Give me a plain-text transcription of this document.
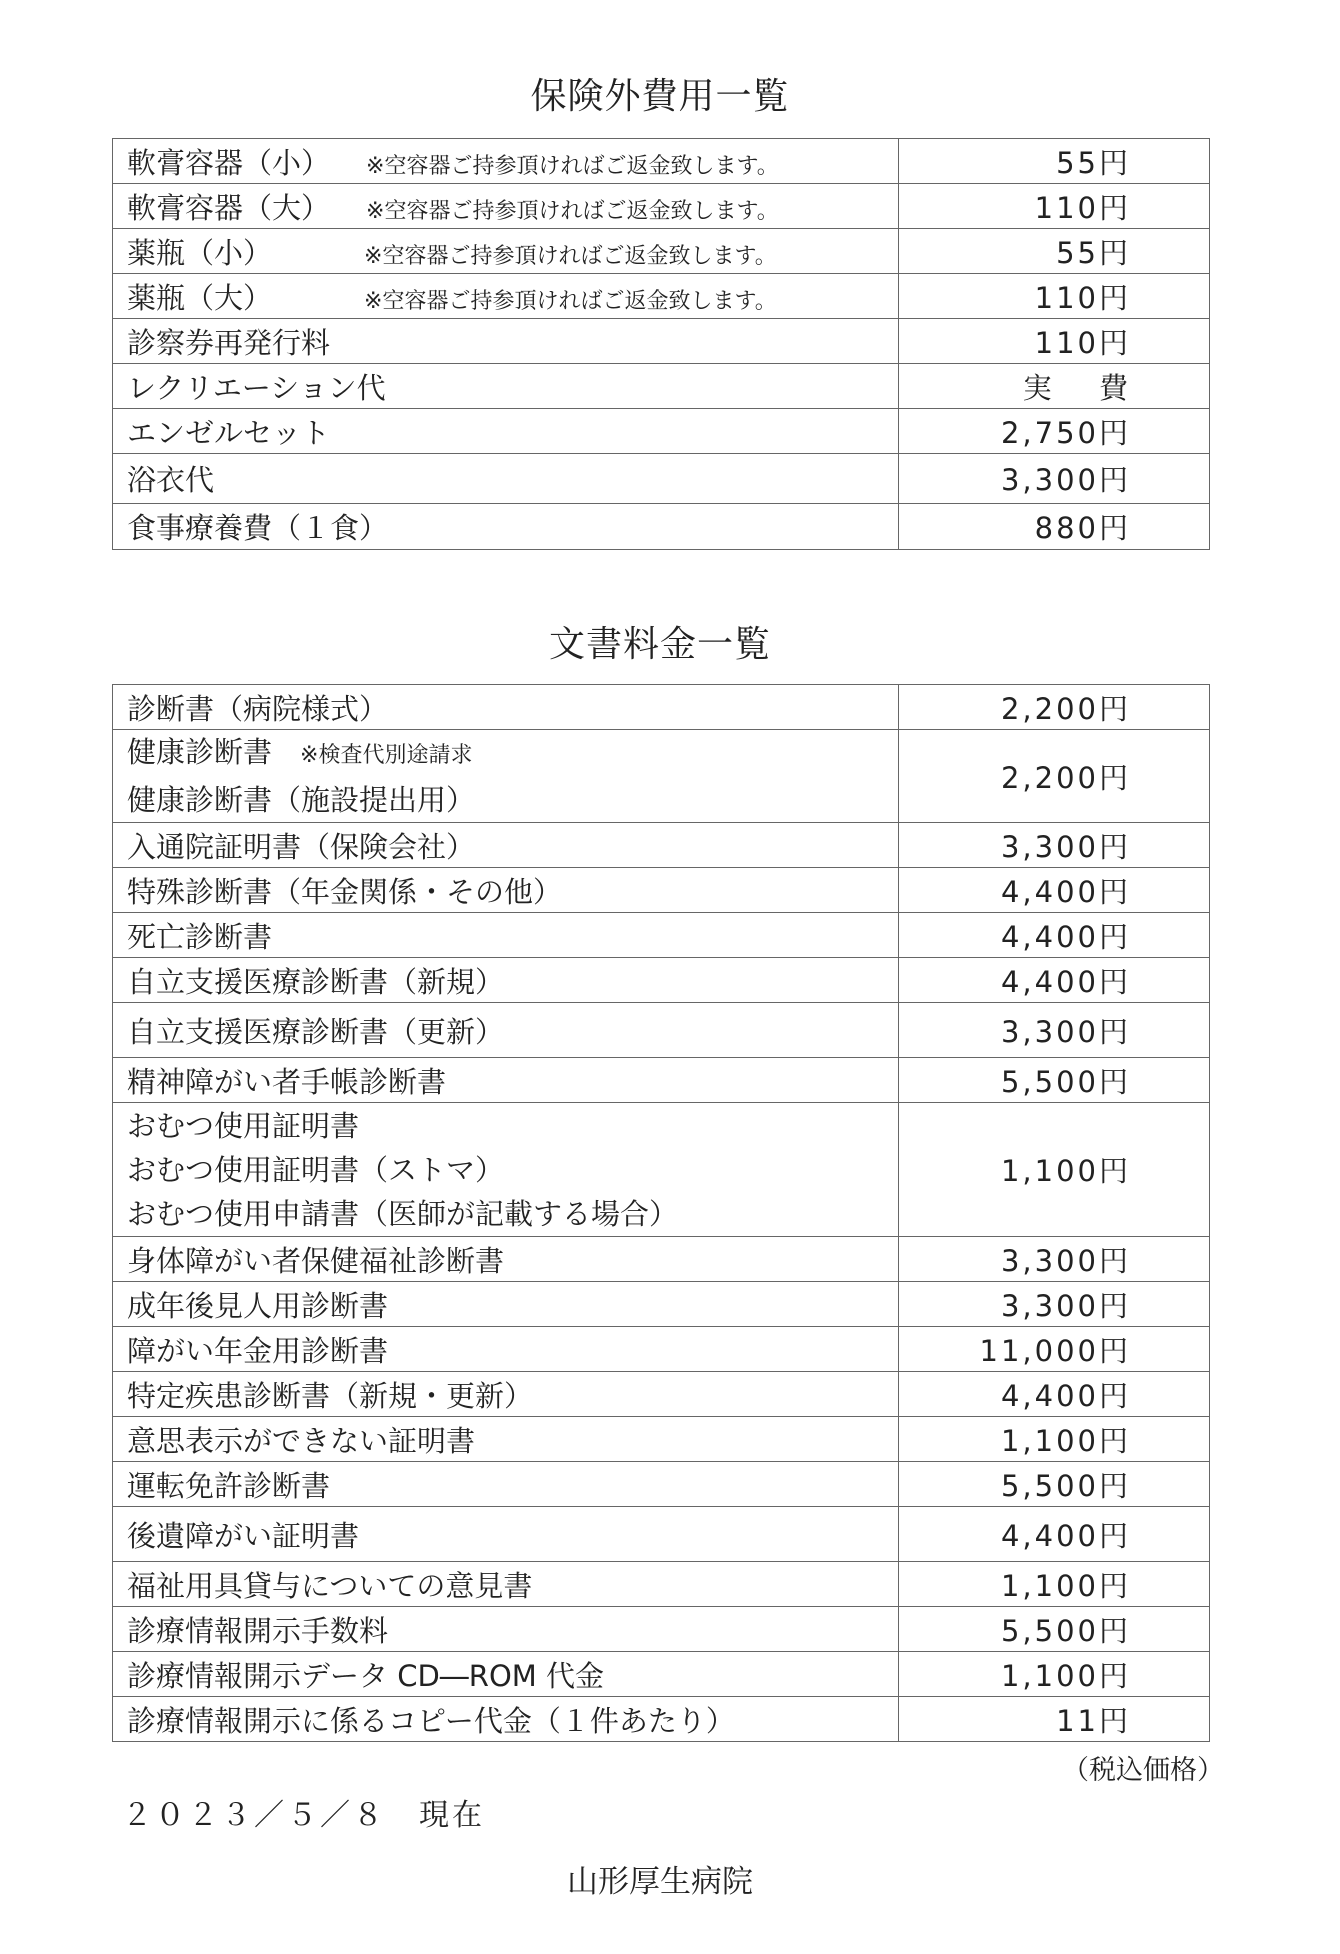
保険外費用一覧
軟膏容器（小） ※空容器ご持参頂ければご返金致します。	55円
軟膏容器（大） ※空容器ご持参頂ければご返金致します。	110円
薬瓶（小） ※空容器ご持参頂ければご返金致します。	55円
薬瓶（大） ※空容器ご持参頂ければご返金致します。	110円
診察券再発行料	110円
レクリエーション代	実　 費
エンゼルセット	2,750円
浴衣代	3,300円
食事療養費（１食）	880円
文書料金一覧
診断書（病院様式）	2,200円

健康診断書 ※検査代別途請求
健康診断書（施設提出用）	2,200円
入通院証明書（保険会社）	3,300円
特殊診断書（年金関係・その他）	4,400円
死亡診断書	4,400円
自立支援医療診断書（新規）	4,400円
自立支援医療診断書（更新）	3,300円
精神障がい者手帳診断書	5,500円

おむつ使用証明書
おむつ使用証明書（ストマ）
おむつ使用申請書（医師が記載する場合）	1,100円
身体障がい者保健福祉診断書	3,300円
成年後見人用診断書	3,300円
障がい年金用診断書	11,000円
特定疾患診断書（新規・更新）	4,400円
意思表示ができない証明書	1,100円
運転免許診断書	5,500円
後遺障がい証明書	4,400円
福祉用具貸与についての意見書	1,100円
診療情報開示手数料	5,500円
診療情報開示データ CD―ROM 代金	1,100円
診療情報開示に係るコピー代金（１件あたり）	11円
（税込価格）
２０２３／５／８　現在
山形厚生病院
